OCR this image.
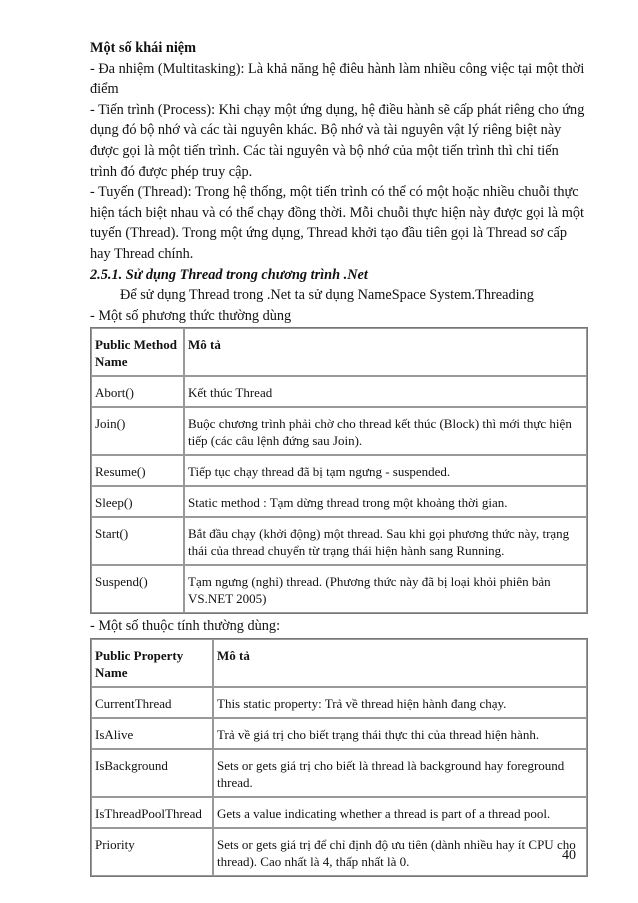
Một số khái niệm
- Đa nhiệm (Multitasking): Là khả năng hệ điêu hành làm nhiều công việc tại một thời
điểm
- Tiến trình (Process): Khi chạy một ứng dụng, hệ điều hành sẽ cấp phát riêng cho ứng
dụng đó bộ nhớ và các tài nguyên khác. Bộ nhớ và tài nguyên vật lý riêng biệt này
được gọi là một tiến trình. Các tài nguyên và bộ nhớ của một tiến trình thì chỉ tiến
trình đó được phép truy cập.
- Tuyến (Thread): Trong hệ thống, một tiến trình có thể có một hoặc nhiều chuỗi thực
hiện tách biệt nhau và có thể chạy đồng thời. Mỗi chuỗi thực hiện này được gọi là một
tuyến (Thread). Trong một ứng dụng, Thread khởi tạo đầu tiên gọi là Thread sơ cấp
hay Thread chính.
2.5.1. Sử dụng Thread trong chương trình .Net
Để sử dụng Thread trong .Net ta sử dụng NameSpace System.Threading
- Một số phương thức thường dùng
Public Method
Name	Mô tả
Abort()	Kết thúc Thread
Join()	Buộc chương trình phải chờ cho thread kết thúc (Block) thì mới thực hiện
tiếp (các câu lệnh đứng sau Join).
Resume()	Tiếp tục chạy thread đã bị tạm ngưng - suspended.
Sleep()	Static method : Tạm dừng thread trong một khoảng thời gian.
Start()	Bắt đầu chạy (khởi động) một thread. Sau khi gọi phương thức này, trạng
thái của thread chuyển từ trạng thái hiện hành sang Running.
Suspend()	Tạm ngưng (nghỉ) thread. (Phương thức này đã bị loại khỏi phiên bản
VS.NET 2005)
- Một số thuộc tính thường dùng:
Public Property
Name	Mô tả
CurrentThread	This static property: Trả về thread hiện hành đang chạy.
IsAlive	Trả về giá trị cho biết trạng thái thực thi của thread hiện hành.
IsBackground	Sets or gets giá trị cho biết là thread là background hay foreground
thread.
IsThreadPoolThread	Gets a value indicating whether a thread is part of a thread pool.
Priority	Sets or gets giá trị để chỉ định độ ưu tiên (dành nhiều hay ít CPU cho
thread). Cao nhất là 4, thấp nhất là 0.	40
